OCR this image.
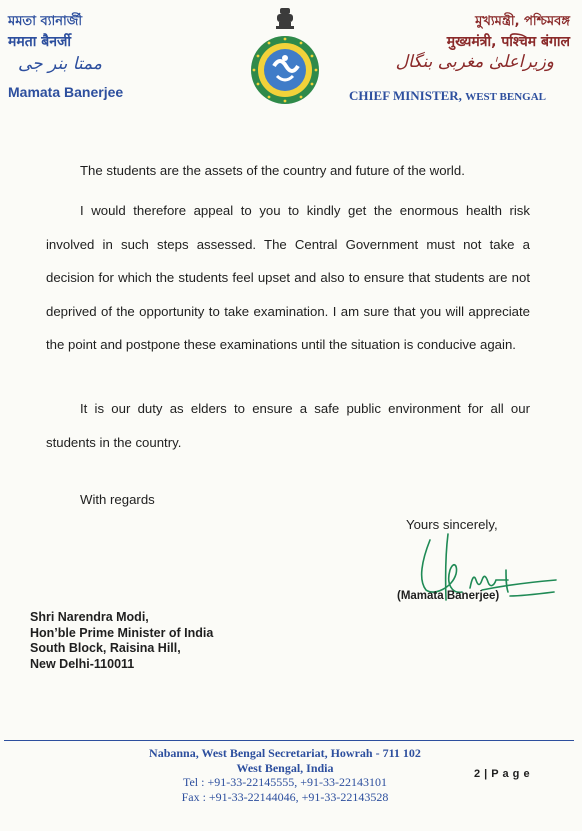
মমতা ব্যানার্জী
ममता बैनर्जी
ممتا بنر جی
Mamata Banerjee
মুখ্যমন্ত্রী, পশ্চিমবঙ্গ
मुख्यमंत्री, पश्चिम बंगाल
وزیراعلیٰ مغربی بنگال
CHIEF MINISTER, WEST BENGAL
The students are the assets of the country and future of the world.
I would therefore appeal to you to kindly get the enormous health risk involved in such steps assessed. The Central Government must not take a decision for which the students feel upset and also to ensure that students are not deprived of the opportunity to take examination. I am sure that you will appreciate the point and postpone these examinations until the situation is conducive again.
It is our duty as elders to ensure a safe public environment for all our students in the country.
With regards
Yours sincerely,
(Mamata Banerjee)
Shri Narendra Modi,
Hon’ble Prime Minister of India
South Block, Raisina Hill,
New Delhi-110011
Nabanna, West Bengal Secretariat, Howrah - 711 102
West Bengal, India
Tel : +91-33-22145555, +91-33-22143101
Fax : +91-33-22144046, +91-33-22143528
2 | P a g e
